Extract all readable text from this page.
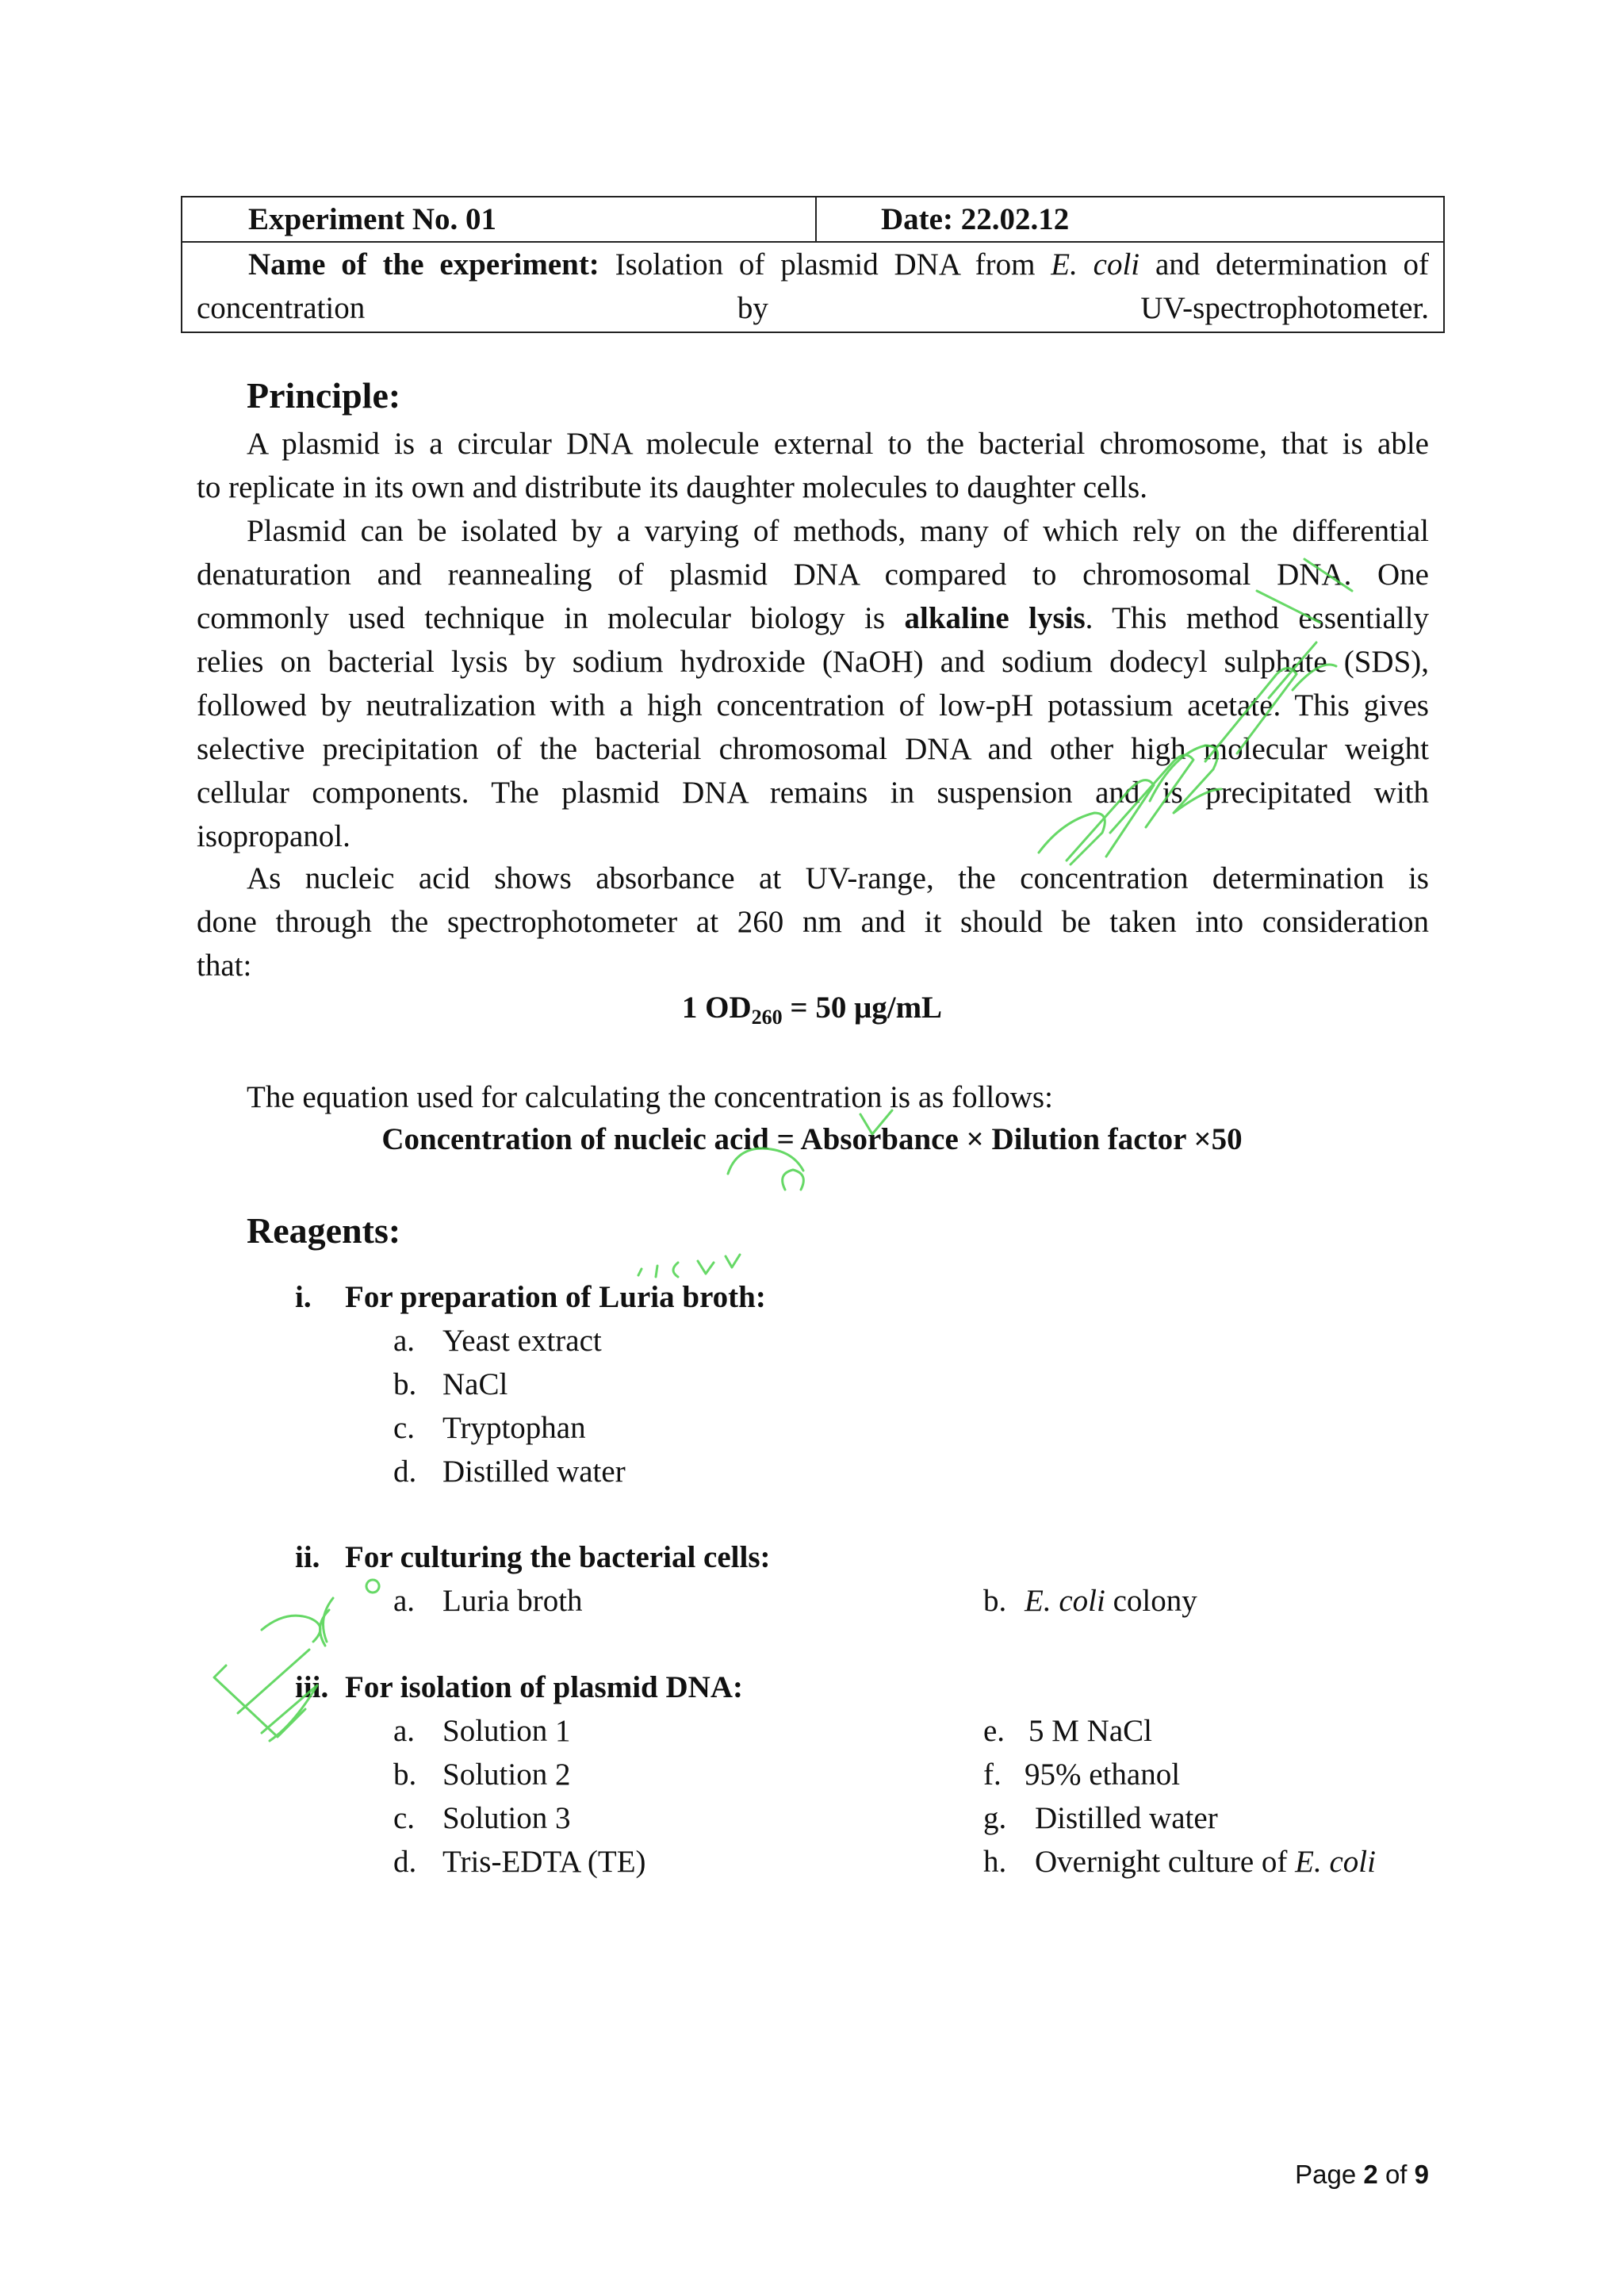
Experiment No. 01	Date: 22.02.12

Name of the experiment: Isolation of plasmid DNA from E. coli and determination of concentration by UV-spectrophotometer.
Principle:
A plasmid is a circular DNA molecule external to the bacterial chromosome, that is able
to replicate in its own and distribute its daughter molecules to daughter cells.
Plasmid can be isolated by a varying of methods, many of which rely on the differential
denaturation and reannealing of plasmid DNA compared to chromosomal DNA. One
commonly used technique in molecular biology is alkaline lysis. This method essentially
relies on bacterial lysis by sodium hydroxide (NaOH) and sodium dodecyl sulphate (SDS),
followed by neutralization with a high concentration of low-pH potassium acetate. This gives
selective precipitation of the bacterial chromosomal DNA and other high molecular weight
cellular components. The plasmid DNA remains in suspension and is precipitated with
isopropanol.
As nucleic acid shows absorbance at UV-range, the concentration determination is
done through the spectrophotometer at 260 nm and it should be taken into consideration
that:
1 $OD_{260} = 50$ μg/mL
The equation used for calculating the concentration is as follows:
Concentration of nucleic acid = Absorbance × Dilution factor ×50
Reagents:
i. For preparation of Luria broth:
a. Yeast extract
b. NaCl
c. Tryptophan
d. Distilled water
ii. For culturing the bacterial cells:
a. Luria broth	b. E. coli colony
iii. For isolation of plasmid DNA:
a. Solution 1
b. Solution 2
c. Solution 3
d. Tris-EDTA (TE)
e. 5 M NaCl
f. 95% ethanol
g. Distilled water
h. Overnight culture of E. coli
Page 2 of 9
